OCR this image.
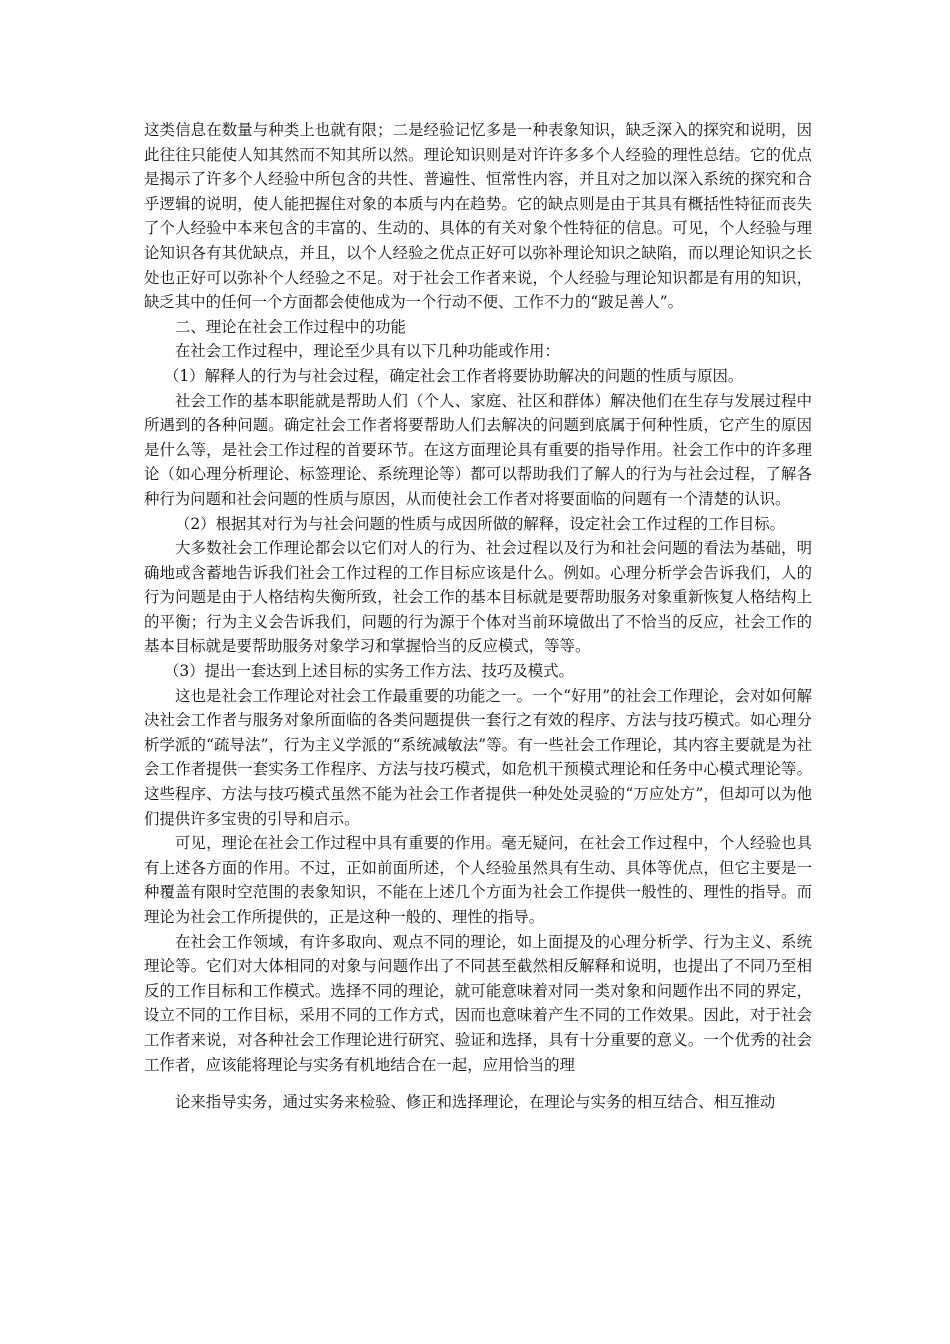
这类信息在数量与种类上也就有限；二是经验记忆多是一种表象知识，缺乏深入的探究和说明，因此往往只能使人知其然而不知其所以然。理论知识则是对许许多多个人经验的理性总结。它的优点是揭示了许多个人经验中所包含的共性、普遍性、恒常性内容，并且对之加以深入系统的探究和合乎逻辑的说明，使人能把握住对象的本质与内在趋势。它的缺点则是由于其具有概括性特征而丧失了个人经验中本来包含的丰富的、生动的、具体的有关对象个性特征的信息。可见，个人经验与理论知识各有其优缺点，并且，以个人经验之优点正好可以弥补理论知识之缺陷，而以理论知识之长处也正好可以弥补个人经验之不足。对于社会工作者来说，个人经验与理论知识都是有用的知识，缺乏其中的任何一个方面都会使他成为一个行动不便、工作不力的“跛足善人”。

二、理论在社会工作过程中的功能

在社会工作过程中，理论至少具有以下几种功能或作用：

（1）解释人的行为与社会过程，确定社会工作者将要协助解决的问题的性质与原因。

社会工作的基本职能就是帮助人们（个人、家庭、社区和群体）解决他们在生存与发展过程中所遇到的各种问题。确定社会工作者将要帮助人们去解决的问题到底属于何种性质，它产生的原因是什么等，是社会工作过程的首要环节。在这方面理论具有重要的指导作用。社会工作中的许多理论（如心理分析理论、标签理论、系统理论等）都可以帮助我们了解人的行为与社会过程，了解各种行为问题和社会问题的性质与原因，从而使社会工作者对将要面临的问题有一个清楚的认识。

（2）根据其对行为与社会问题的性质与成因所做的解释，设定社会工作过程的工作目标。

大多数社会工作理论都会以它们对人的行为、社会过程以及行为和社会问题的看法为基础，明确地或含蓄地告诉我们社会工作过程的工作目标应该是什么。例如。心理分析学会告诉我们，人的行为问题是由于人格结构失衡所致，社会工作的基本目标就是要帮助服务对象重新恢复人格结构上的平衡；行为主义会告诉我们，问题的行为源于个体对当前环境做出了不恰当的反应，社会工作的基本目标就是要帮助服务对象学习和掌握恰当的反应模式，等等。

（3）提出一套达到上述目标的实务工作方法、技巧及模式。

这也是社会工作理论对社会工作最重要的功能之一。一个“好用”的社会工作理论，会对如何解决社会工作者与服务对象所面临的各类问题提供一套行之有效的程序、方法与技巧模式。如心理分析学派的“疏导法”，行为主义学派的“系统减敏法”等。有一些社会工作理论，其内容主要就是为社会工作者提供一套实务工作程序、方法与技巧模式，如危机干预模式理论和任务中心模式理论等。这些程序、方法与技巧模式虽然不能为社会工作者提供一种处处灵验的“万应处方”，但却可以为他们提供许多宝贵的引导和启示。

可见，理论在社会工作过程中具有重要的作用。毫无疑问，在社会工作过程中，个人经验也具有上述各方面的作用。不过，正如前面所述，个人经验虽然具有生动、具体等优点，但它主要是一种覆盖有限时空范围的表象知识，不能在上述几个方面为社会工作提供一般性的、理性的指导。而理论为社会工作所提供的，正是这种一般的、理性的指导。

在社会工作领域，有许多取向、观点不同的理论，如上面提及的心理分析学、行为主义、系统理论等。它们对大体相同的对象与问题作出了不同甚至截然相反解释和说明，也提出了不同乃至相反的工作目标和工作模式。选择不同的理论，就可能意味着对同一类对象和问题作出不同的界定，设立不同的工作目标，采用不同的工作方式，因而也意味着产生不同的工作效果。因此，对于社会工作者来说，对各种社会工作理论进行研究、验证和选择，具有十分重要的意义。一个优秀的社会工作者，应该能将理论与实务有机地结合在一起，应用恰当的理

论来指导实务，通过实务来检验、修正和选择理论，在理论与实务的相互结合、相互推动
